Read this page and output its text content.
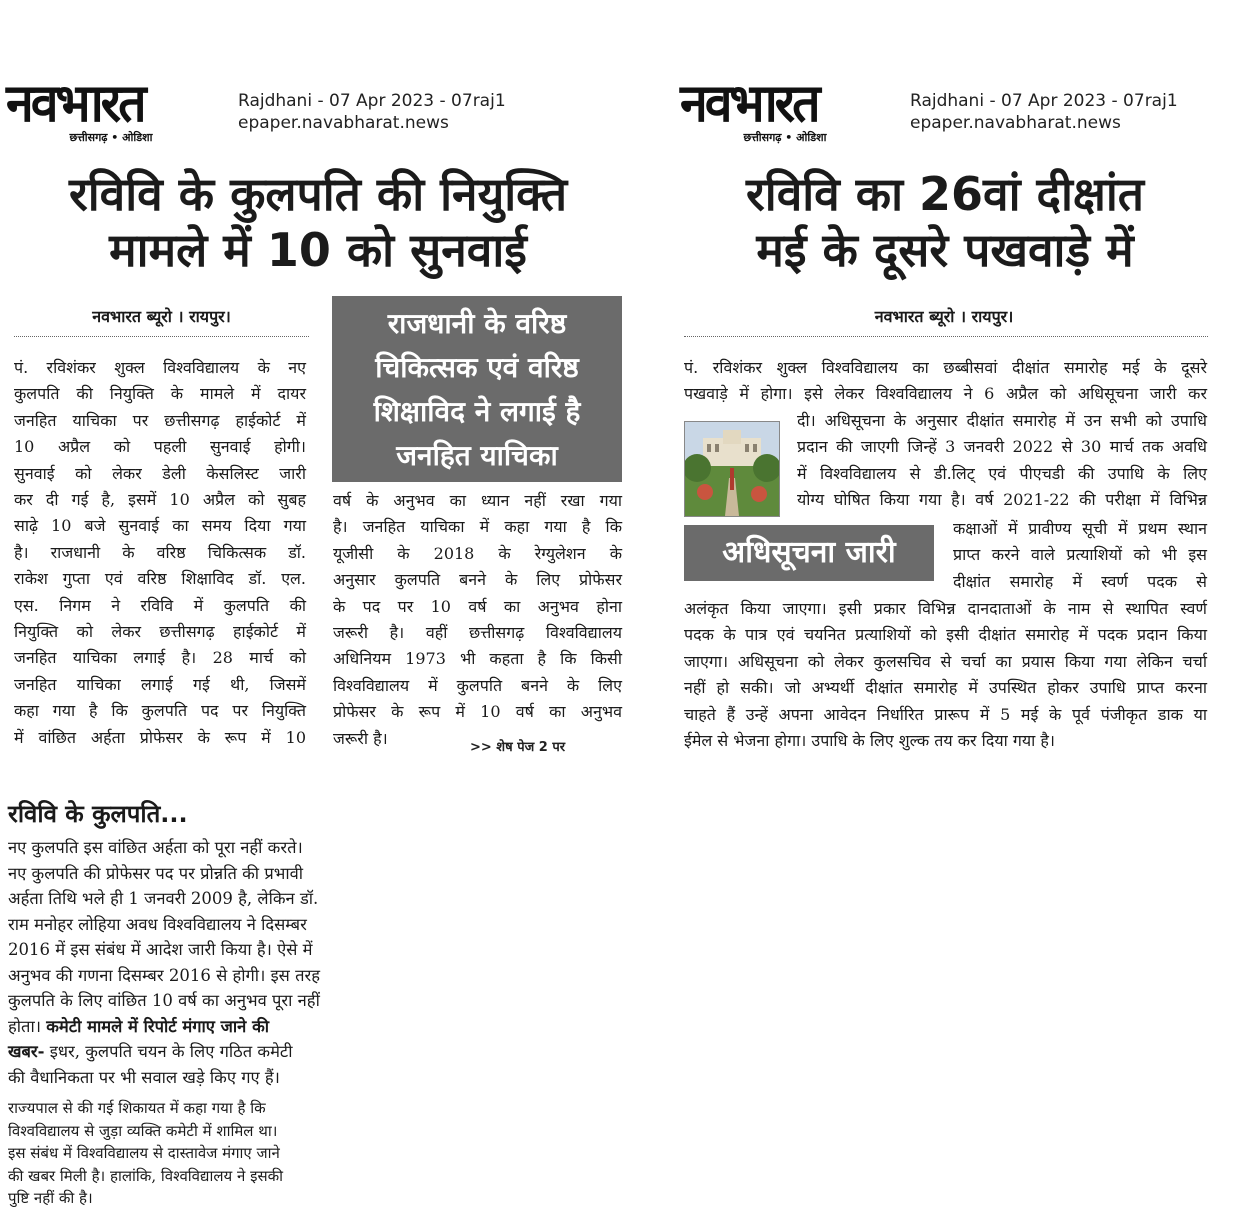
नवभारत
छत्तीसगढ़ • ओडिशा
Rajdhani - 07 Apr 2023 - 07raj1
epaper.navabharat.news
रविवि के कुलपति की नियुक्ति
मामले में 10 को सुनवाई
नवभारत ब्यूरो । रायपुर।	राजधानी के वरिष्ठ चिकित्सक एवं वरिष्ठ शिक्षाविद ने लगाई है जनहित याचिका
पं. रविशंकर शुक्ल विश्वविद्यालय के नए
कुलपति की नियुक्ति के मामले में दायर
जनहित याचिका पर छत्तीसगढ़ हाईकोर्ट में
10 अप्रैल को पहली सुनवाई होगी।
सुनवाई को लेकर डेली केसलिस्ट जारी
कर दी गई है, इसमें 10 अप्रैल को सुबह
साढ़े 10 बजे सुनवाई का समय दिया गया
है। राजधानी के वरिष्ठ चिकित्सक डॉ.
राकेश गुप्ता एवं वरिष्ठ शिक्षाविद डॉ. एल.
एस. निगम ने रविवि में कुलपति की
नियुक्ति को लेकर छत्तीसगढ़ हाईकोर्ट में
जनहित याचिका लगाई है। 28 मार्च को
जनहित याचिका लगाई गई थी, जिसमें
कहा गया है कि कुलपति पद पर नियुक्ति
में वांछित अर्हता प्रोफेसर के रूप में 10
वर्ष के अनुभव का ध्यान नहीं रखा गया
है। जनहित याचिका में कहा गया है कि
यूजीसी के 2018 के रेग्युलेशन के
अनुसार कुलपति बनने के लिए प्रोफेसर
के पद पर 10 वर्ष का अनुभव होना
जरूरी है। वहीं छत्तीसगढ़ विश्वविद्यालय
अधिनियम 1973 भी कहता है कि किसी
विश्वविद्यालय में कुलपति बनने के लिए
प्रोफेसर के रूप में 10 वर्ष का अनुभव
जरूरी है।	>> शेष पेज 2 पर
रविवि के कुलपति...
नए कुलपति इस वांछित अर्हता को पूरा नहीं करते।
नए कुलपति की प्रोफेसर पद पर प्रोन्नति की प्रभावी
अर्हता तिथि भले ही 1 जनवरी 2009 है, लेकिन डॉ.
राम मनोहर लोहिया अवध विश्वविद्यालय ने दिसम्बर
2016 में इस संबंध में आदेश जारी किया है। ऐसे में
अनुभव की गणना दिसम्बर 2016 से होगी। इस तरह
कुलपति के लिए वांछित 10 वर्ष का अनुभव पूरा नहीं
होता। कमेटी मामले में रिपोर्ट मंगाए जाने की
खबर- इधर, कुलपति चयन के लिए गठित कमेटी
की वैधानिकता पर भी सवाल खड़े किए गए हैं।
राज्यपाल से की गई शिकायत में कहा गया है कि
विश्वविद्यालय से जुड़ा व्यक्ति कमेटी में शामिल था।
इस संबंध में विश्वविद्यालय से दास्तावेज मंगाए जाने
की खबर मिली है। हालांकि, विश्वविद्यालय ने इसकी
पुष्टि नहीं की है।
नवभारत
छत्तीसगढ़ • ओडिशा
Rajdhani - 07 Apr 2023 - 07raj1
epaper.navabharat.news
रविवि का 26वां दीक्षांत
मई के दूसरे पखवाड़े में
नवभारत ब्यूरो । रायपुर।
पं. रविशंकर शुक्ल विश्वविद्यालय का छब्बीसवां दीक्षांत समारोह मई के दूसरे
पखवाड़े में होगा। इसे लेकर विश्वविद्यालय ने 6 अप्रैल को अधिसूचना जारी कर
दी। अधिसूचना के अनुसार दीक्षांत समारोह में उन सभी को उपाधि
प्रदान की जाएगी जिन्हें 3 जनवरी 2022 से 30 मार्च तक अवधि
में विश्वविद्यालय से डी.लिट् एवं पीएचडी की उपाधि के लिए
योग्य घोषित किया गया है। वर्ष 2021-22 की परीक्षा में विभिन्न
अधिसूचना जारी
कक्षाओं में प्रावीण्य सूची में प्रथम स्थान
प्राप्त करने वाले प्रत्याशियों को भी इस
दीक्षांत समारोह में स्वर्ण पदक से
अलंकृत किया जाएगा। इसी प्रकार विभिन्न दानदाताओं के नाम से स्थापित स्वर्ण
पदक के पात्र एवं चयनित प्रत्याशियों को इसी दीक्षांत समारोह में पदक प्रदान किया
जाएगा। अधिसूचना को लेकर कुलसचिव से चर्चा का प्रयास किया गया लेकिन चर्चा
नहीं हो सकी। जो अभ्यर्थी दीक्षांत समारोह में उपस्थित होकर उपाधि प्राप्त करना
चाहते हैं उन्हें अपना आवेदन निर्धारित प्रारूप में 5 मई के पूर्व पंजीकृत डाक या
ईमेल से भेजना होगा। उपाधि के लिए शुल्क तय कर दिया गया है।
